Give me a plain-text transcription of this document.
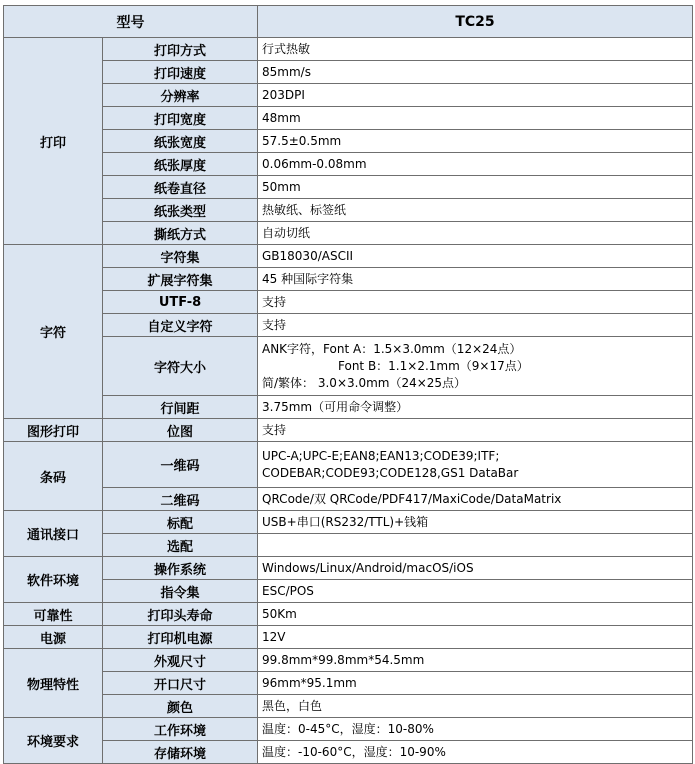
型号		TC25
打印	打印方式	行式热敏
	打印速度	85mm/s
	分辨率	203DPI
	打印宽度	48mm
	纸张宽度	57.5±0.5mm
	纸张厚度	0.06mm-0.08mm
	纸卷直径	50mm
	纸张类型	热敏纸、标签纸
	撕纸方式	自动切纸
字符	字符集	GB18030/ASCII
	扩展字符集	45 种国际字符集
	UTF-8	支持
	自定义字符	支持
	字符大小	ANK字符，Font A：1.5×3.0mm（12×24点）
Font B：1.1×2.1mm（9×17点）
简/繁体： 3.0×3.0mm（24×25点）

	行间距	3.75mm（可用命令调整）
图形打印	位图	支持
条码	一维码	UPC-A;UPC-E;EAN8;EAN13;CODE39;ITF;
CODEBAR;CODE93;CODE128,GS1 DataBar

	二维码	QRCode/双 QRCode/PDF417/MaxiCode/DataMatrix
通讯接口	标配	USB+串口(RS232/TTL)+钱箱
	选配	
软件环境	操作系统	Windows/Linux/Android/macOS/iOS
	指令集	ESC/POS
可靠性	打印头寿命	50Km
电源	打印机电源	12V
物理特性	外观尺寸	99.8mm*99.8mm*54.5mm
	开口尺寸	96mm*95.1mm
	颜色	黑色，白色
环境要求	工作环境	温度：0-45°C，湿度：10-80%
	存储环境	温度：-10-60°C，湿度：10-90%
